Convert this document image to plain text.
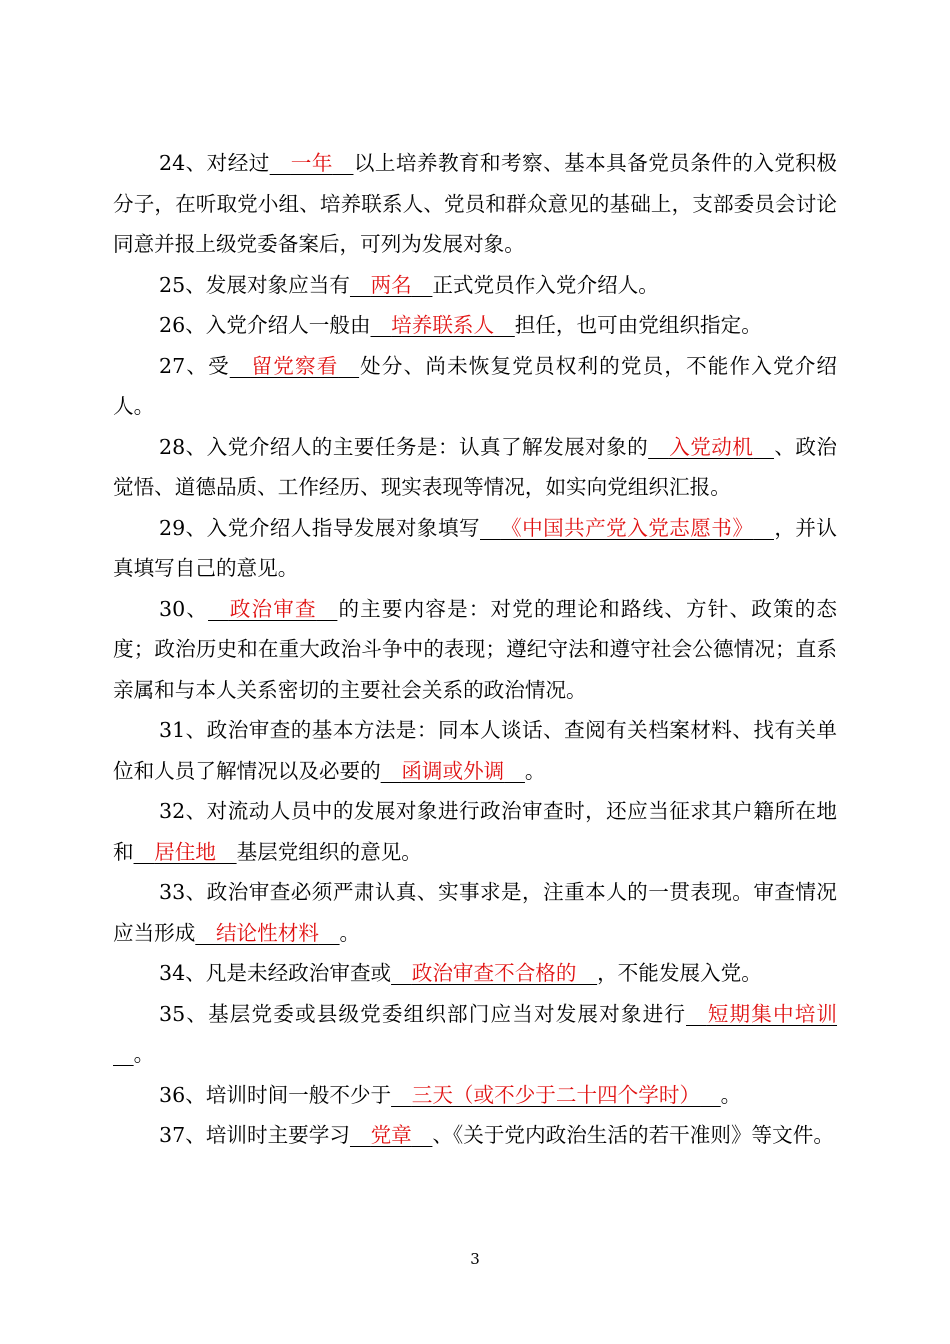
24、对经过__一年__以上培养教育和考察、基本具备党员条件的入党积极分子，在听取党小组、培养联系人、党员和群众意见的基础上，支部委员会讨论同意并报上级党委备案后，可列为发展对象。

25、发展对象应当有__两名__正式党员作入党介绍人。

26、入党介绍人一般由__培养联系人__担任，也可由党组织指定。

27、受__留党察看__处分、尚未恢复党员权利的党员，不能作入党介绍人。

28、入党介绍人的主要任务是：认真了解发展对象的__入党动机__、政治觉悟、道德品质、工作经历、现实表现等情况，如实向党组织汇报。

29、入党介绍人指导发展对象填写__《中国共产党入党志愿书》__，并认真填写自己的意见。

30、__政治审查__的主要内容是：对党的理论和路线、方针、政策的态度；政治历史和在重大政治斗争中的表现；遵纪守法和遵守社会公德情况；直系亲属和与本人关系密切的主要社会关系的政治情况。

31、政治审查的基本方法是：同本人谈话、查阅有关档案材料、找有关单位和人员了解情况以及必要的__函调或外调__。

32、对流动人员中的发展对象进行政治审查时，还应当征求其户籍所在地和__居住地__基层党组织的意见。

33、政治审查必须严肃认真、实事求是，注重本人的一贯表现。审查情况应当形成__结论性材料__。

34、凡是未经政治审查或__政治审查不合格的__，不能发展入党。

35、基层党委或县级党委组织部门应当对发展对象进行__短期集中培训__。

36、培训时间一般不少于__三天（或不少于二十四个学时）__。

37、培训时主要学习__党章__、《关于党内政治生活的若干准则》等文件。

3
